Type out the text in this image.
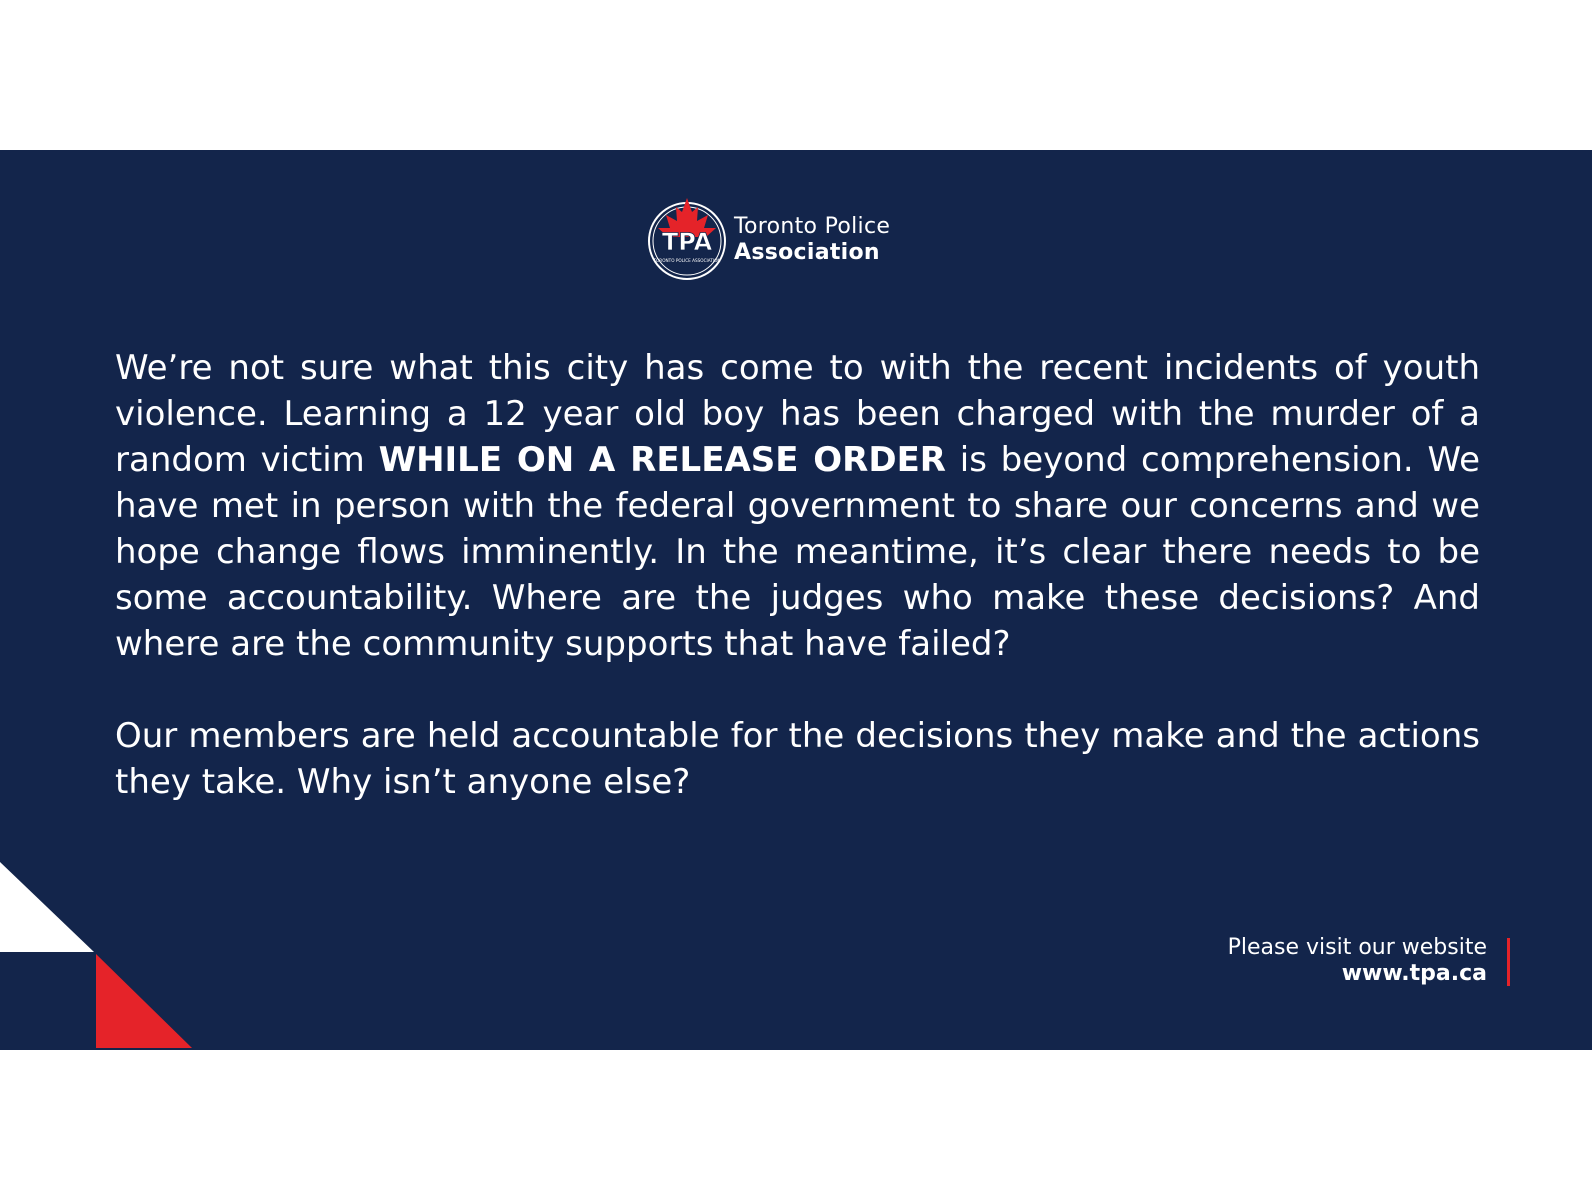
TPA
TORONTO POLICE ASSOCIATION
Toronto Police
Association

We’re not sure what this city has come to with the recent incidents of youth violence. Learning a 12 year old boy has been charged with the murder of a random victim WHILE ON A RELEASE ORDER is beyond comprehension. We have met in person with the federal government to share our concerns and we hope change flows imminently. In the meantime, it’s clear there needs to be some accountability. Where are the judges who make these decisions? And where are the community supports that have failed?

Our members are held accountable for the decisions they make and the actions they take. Why isn’t anyone else?

Please visit our website
www.tpa.ca
